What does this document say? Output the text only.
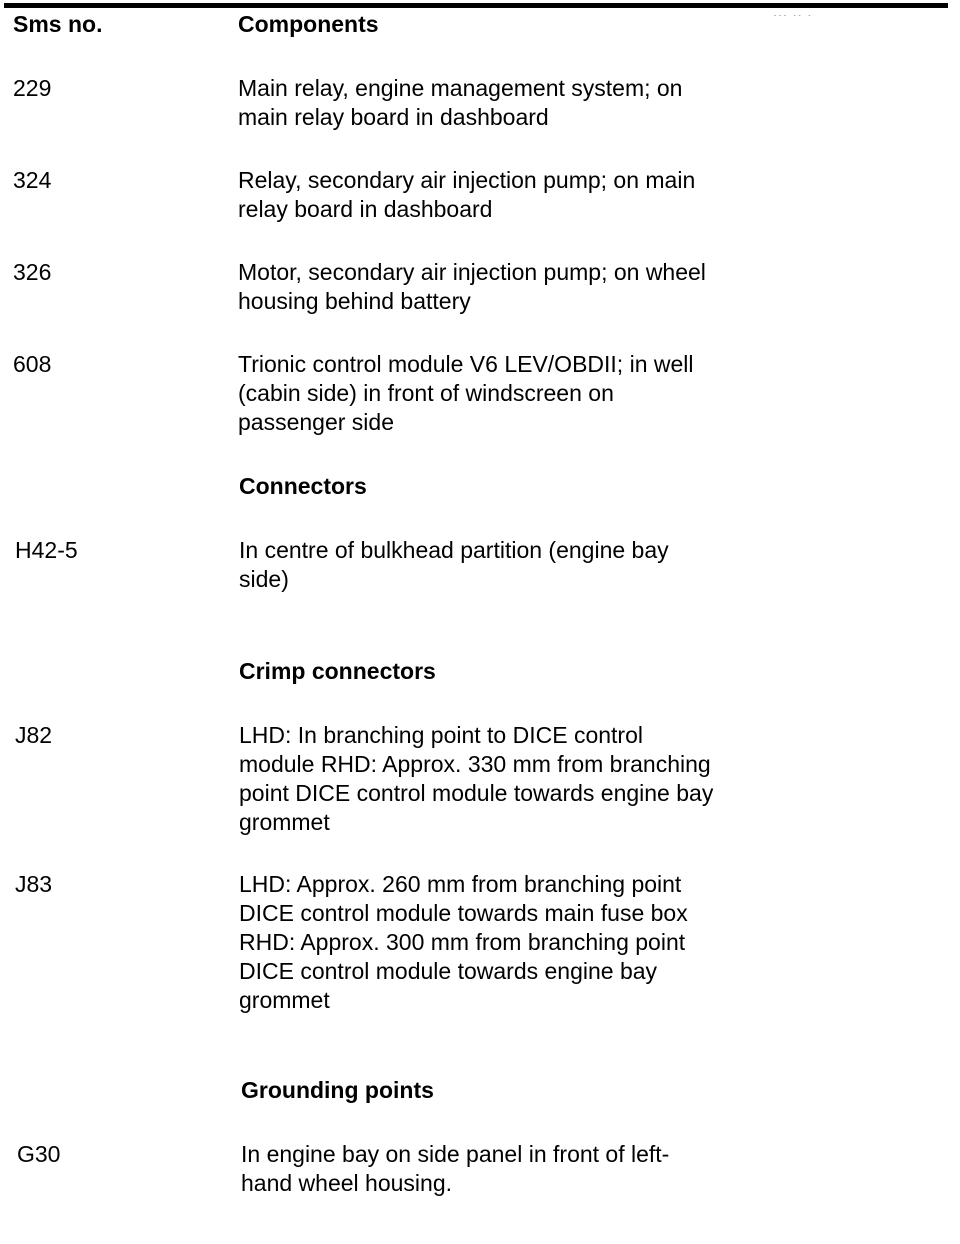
--- -- -
Sms no.	Components
229	Main relay, engine management system; on
main relay board in dashboard
324	Relay, secondary air injection pump; on main
relay board in dashboard
326	Motor, secondary air injection pump; on wheel
housing behind battery
608	Trionic control module V6 LEV/OBDII; in well
(cabin side) in front of windscreen on
passenger side
Connectors
H42-5	In centre of bulkhead partition (engine bay
side)
Crimp connectors
J82	LHD: In branching point to DICE control
module RHD: Approx. 330 mm from branching
point DICE control module towards engine bay
grommet
J83	LHD: Approx. 260 mm from branching point
DICE control module towards main fuse box
RHD: Approx. 300 mm from branching point
DICE control module towards engine bay
grommet
Grounding points
G30	In engine bay on side panel in front of left-
hand wheel housing.
